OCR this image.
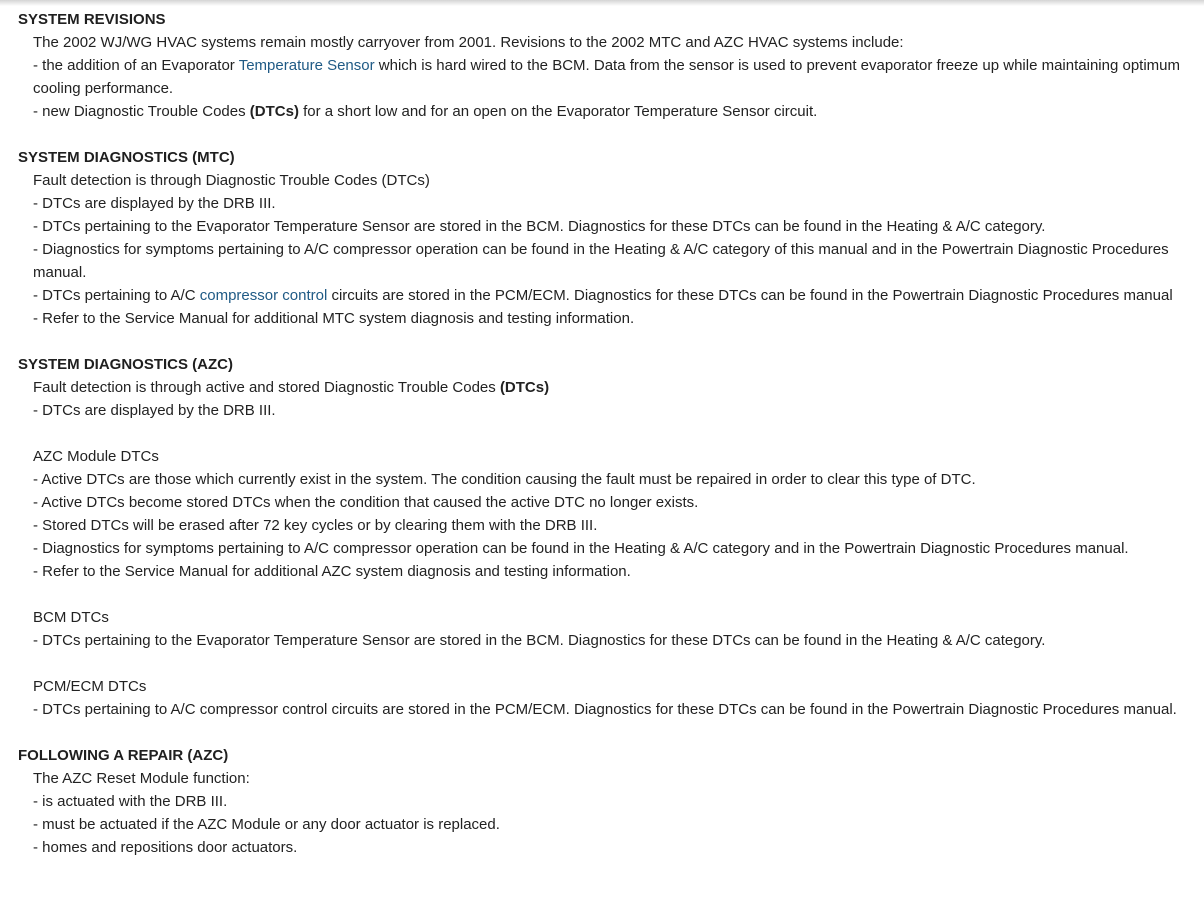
SYSTEM REVISIONS
The 2002 WJ/WG HVAC systems remain mostly carryover from 2001. Revisions to the 2002 MTC and AZC HVAC systems include:
- the addition of an Evaporator Temperature Sensor which is hard wired to the BCM. Data from the sensor is used to prevent evaporator freeze up while maintaining optimum cooling performance.
- new Diagnostic Trouble Codes (DTCs) for a short low and for an open on the Evaporator Temperature Sensor circuit.
SYSTEM DIAGNOSTICS (MTC)
Fault detection is through Diagnostic Trouble Codes (DTCs)
- DTCs are displayed by the DRB III.
- DTCs pertaining to the Evaporator Temperature Sensor are stored in the BCM. Diagnostics for these DTCs can be found in the Heating & A/C category.
- Diagnostics for symptoms pertaining to A/C compressor operation can be found in the Heating & A/C category of this manual and in the Powertrain Diagnostic Procedures manual.
- DTCs pertaining to A/C compressor control circuits are stored in the PCM/ECM. Diagnostics for these DTCs can be found in the Powertrain Diagnostic Procedures manual
- Refer to the Service Manual for additional MTC system diagnosis and testing information.
SYSTEM DIAGNOSTICS (AZC)
Fault detection is through active and stored Diagnostic Trouble Codes (DTCs)
- DTCs are displayed by the DRB III.
AZC Module DTCs
- Active DTCs are those which currently exist in the system. The condition causing the fault must be repaired in order to clear this type of DTC.
- Active DTCs become stored DTCs when the condition that caused the active DTC no longer exists.
- Stored DTCs will be erased after 72 key cycles or by clearing them with the DRB III.
- Diagnostics for symptoms pertaining to A/C compressor operation can be found in the Heating & A/C category and in the Powertrain Diagnostic Procedures manual.
- Refer to the Service Manual for additional AZC system diagnosis and testing information.
BCM DTCs
- DTCs pertaining to the Evaporator Temperature Sensor are stored in the BCM. Diagnostics for these DTCs can be found in the Heating & A/C category.
PCM/ECM DTCs
- DTCs pertaining to A/C compressor control circuits are stored in the PCM/ECM. Diagnostics for these DTCs can be found in the Powertrain Diagnostic Procedures manual.
FOLLOWING A REPAIR (AZC)
The AZC Reset Module function:
- is actuated with the DRB III.
- must be actuated if the AZC Module or any door actuator is replaced.
- homes and repositions door actuators.
